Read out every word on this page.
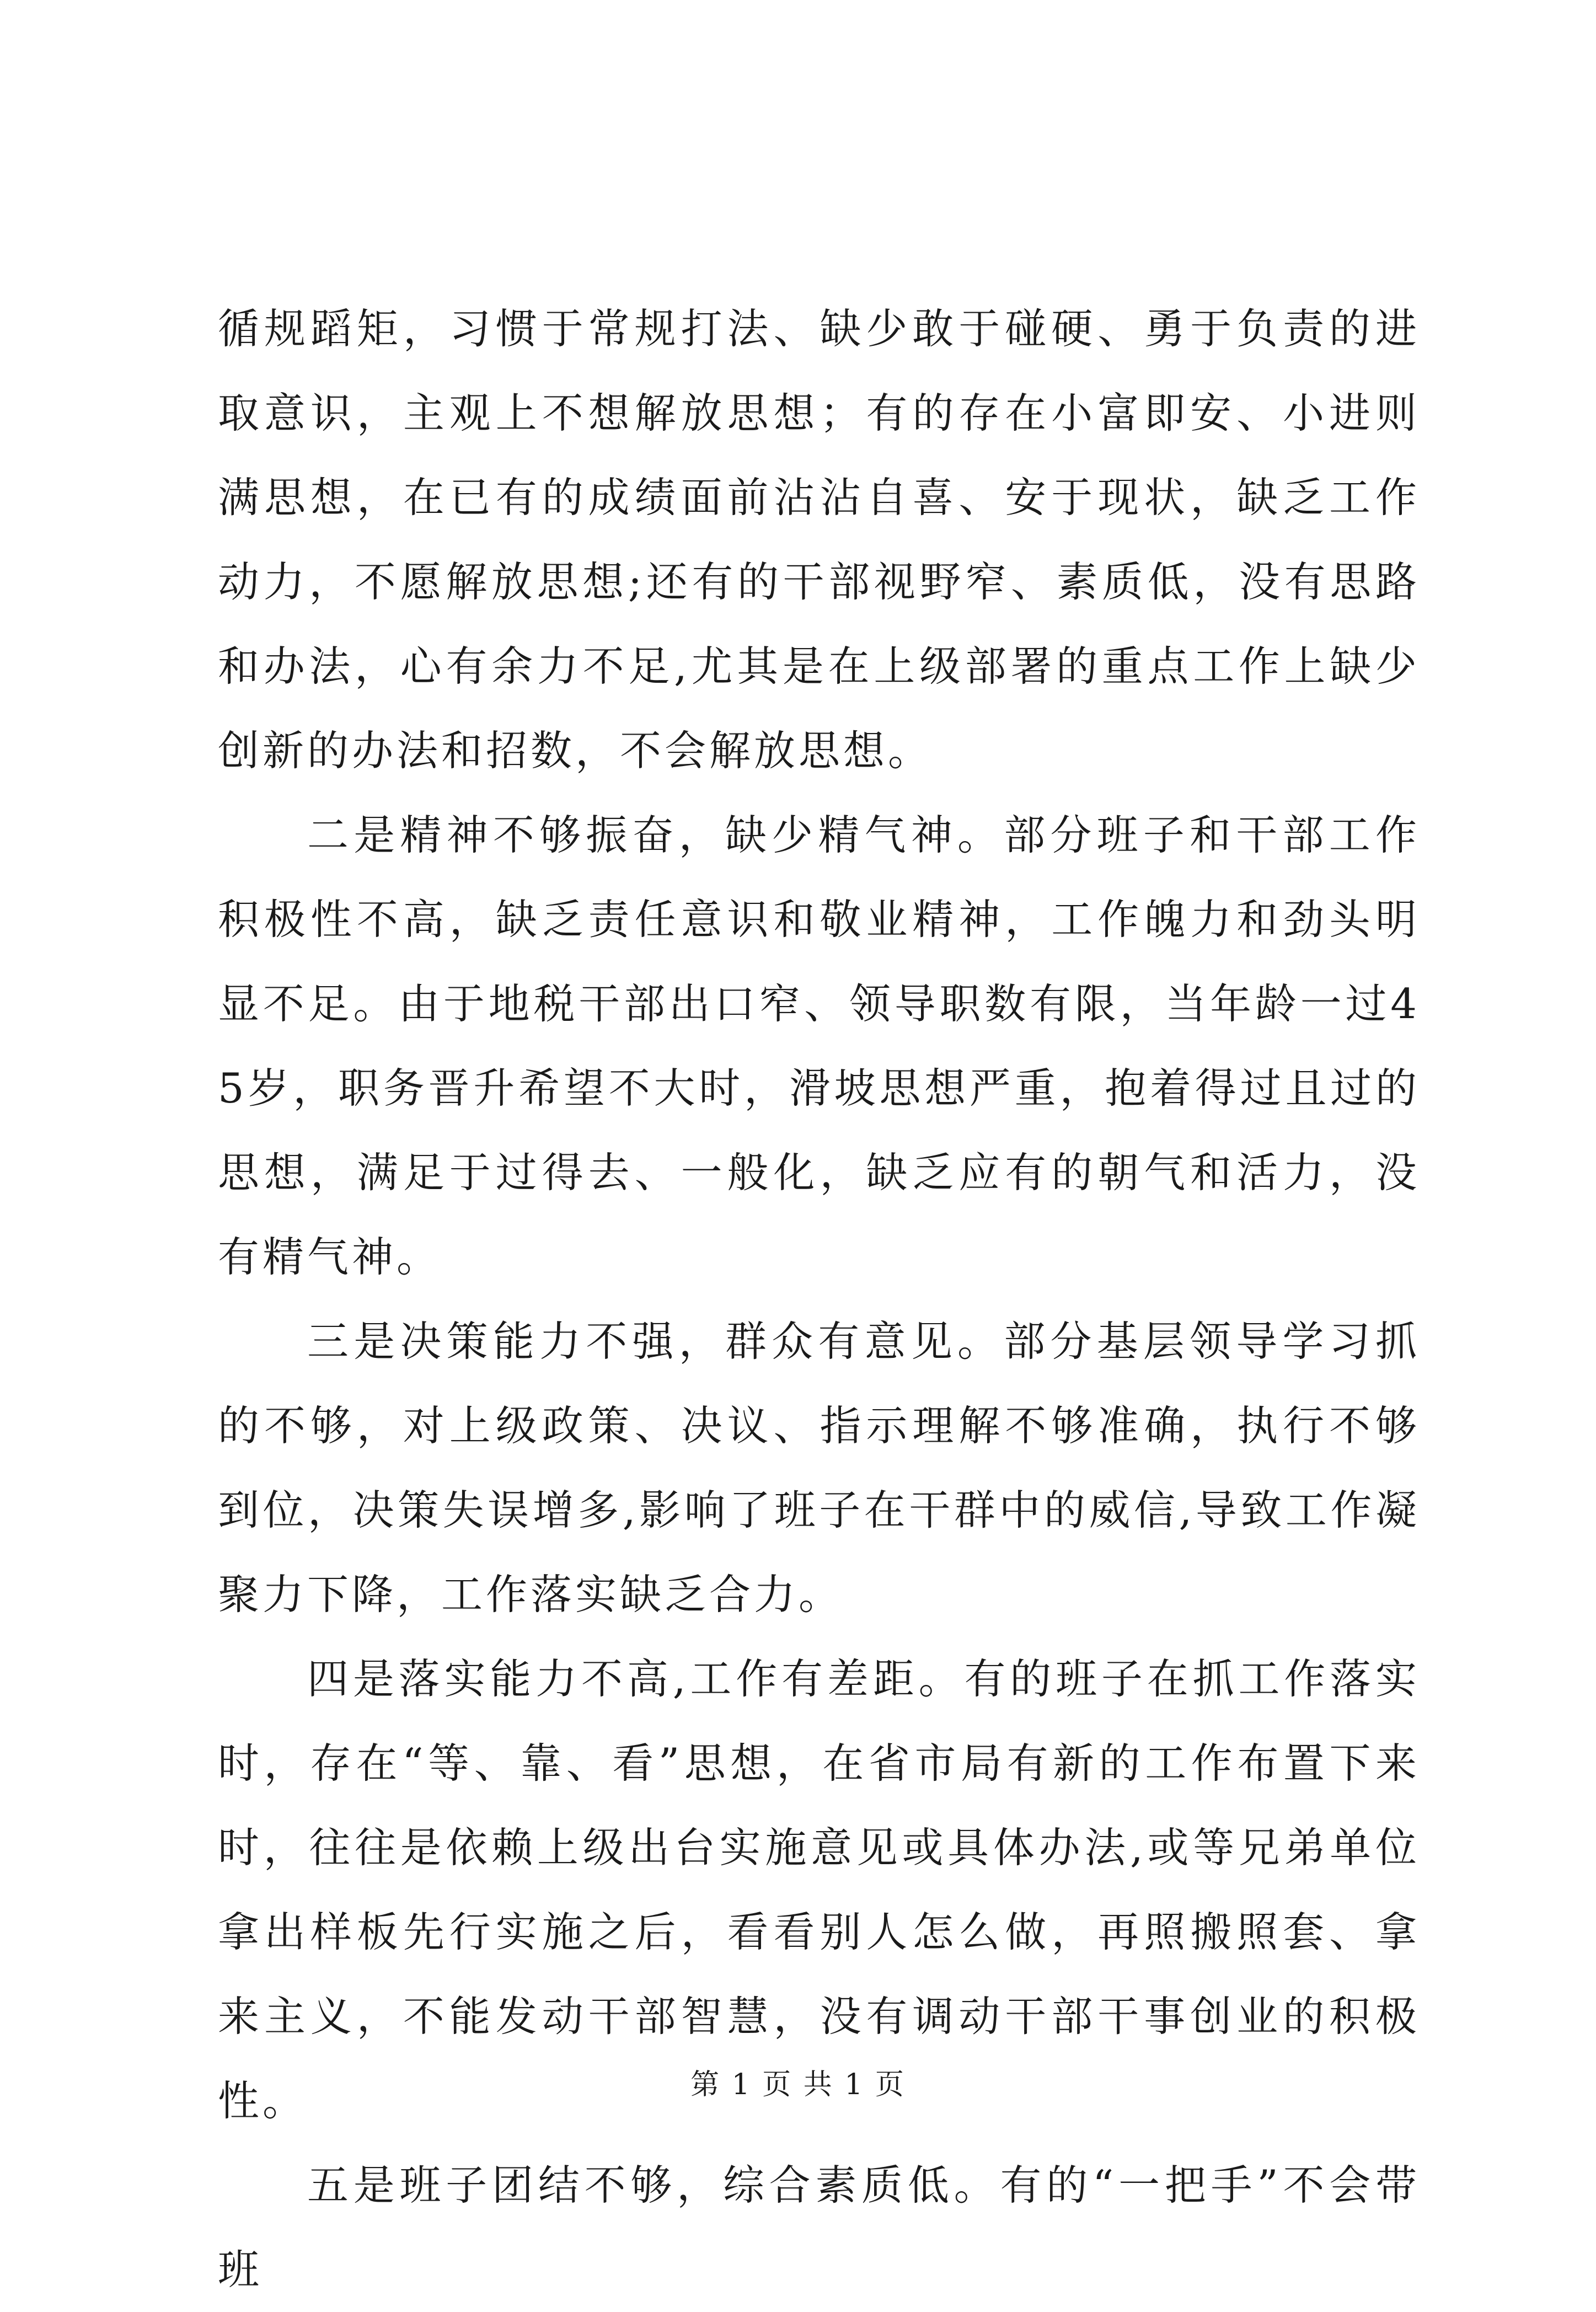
循规蹈矩，习惯于常规打法、缺少敢于碰硬、勇于负责的进取意识，主观上不想解放思想；有的存在小富即安、小进则满思想，在已有的成绩面前沾沾自喜、安于现状，缺乏工作动力，不愿解放思想;还有的干部视野窄、素质低，没有思路和办法，心有余力不足,尤其是在上级部署的重点工作上缺少创新的办法和招数，不会解放思想。

二是精神不够振奋，缺少精气神。部分班子和干部工作积极性不高，缺乏责任意识和敬业精神，工作魄力和劲头明显不足。由于地税干部出口窄、领导职数有限，当年龄一过45岁，职务晋升希望不大时，滑坡思想严重，抱着得过且过的思想，满足于过得去、一般化，缺乏应有的朝气和活力，没有精气神。

三是决策能力不强，群众有意见。部分基层领导学习抓的不够，对上级政策、决议、指示理解不够准确，执行不够到位，决策失误增多,影响了班子在干群中的威信,导致工作凝聚力下降，工作落实缺乏合力。

四是落实能力不高,工作有差距。有的班子在抓工作落实时，存在“等、靠、看”思想，在省市局有新的工作布置下来时，往往是依赖上级出台实施意见或具体办法,或等兄弟单位拿出样板先行实施之后，看看别人怎么做，再照搬照套、拿来主义，不能发动干部智慧，没有调动干部干事创业的积极性。

五是班子团结不够，综合素质低。有的“一把手”不会带班

第 1 页 共 1 页
